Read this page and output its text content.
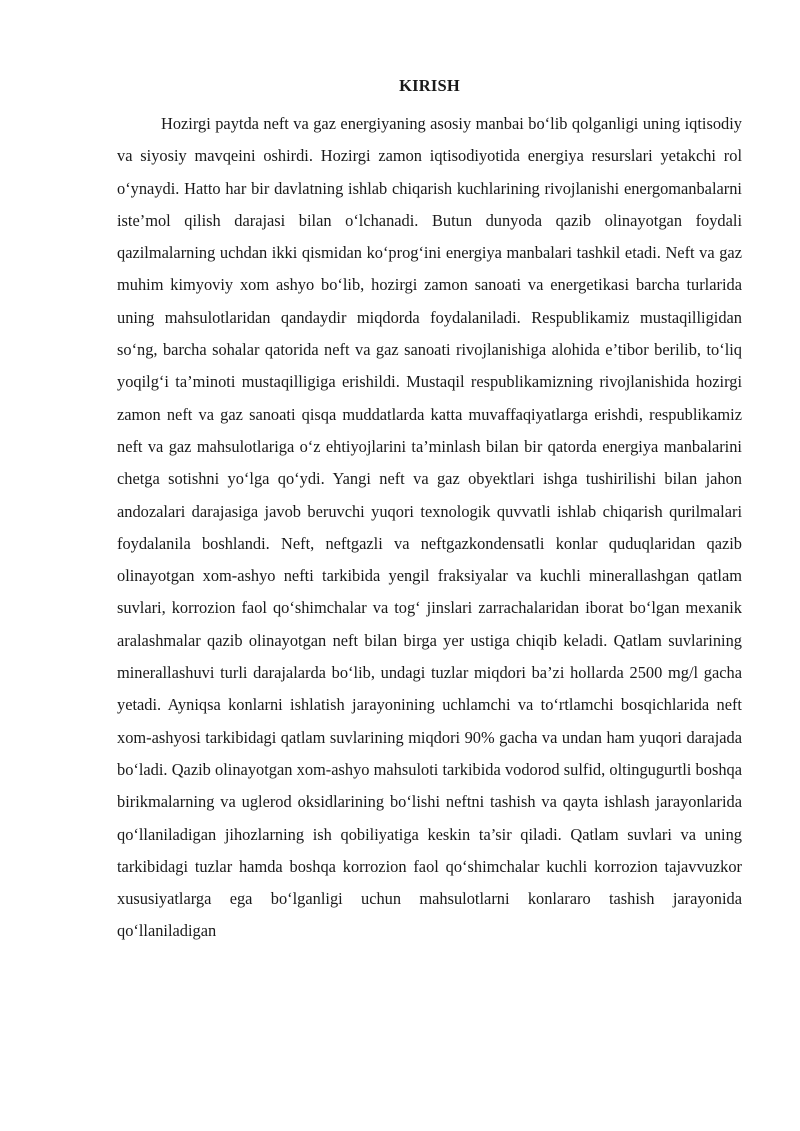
KIRISH

Hozirgi paytda neft va gaz energiyaning asosiy manbai bo‘lib qolganligi uning iqtisodiy va siyosiy mavqeini oshirdi. Hozirgi zamon iqtisodiyotida energiya resurslari yetakchi rol o‘ynaydi. Hatto har bir davlatning ishlab chiqarish kuchlarining rivojlanishi energomanbalarni iste’mol qilish darajasi bilan o‘lchanadi. Butun dunyoda qazib olinayotgan foydali qazilmalarning uchdan ikki qismidan ko‘prog‘ini energiya manbalari tashkil etadi. Neft va gaz muhim kimyoviy xom ashyo bo‘lib, hozirgi zamon sanoati va energetikasi barcha turlarida uning mahsulotlaridan qandaydir miqdorda foydalaniladi. Respublikamiz mustaqilligidan so‘ng, barcha sohalar qatorida neft va gaz sanoati rivojlanishiga alohida e’tibor berilib, to‘liq yoqilg‘i ta’minoti mustaqilligiga erishildi. Mustaqil respublikamizning rivojlanishida hozirgi zamon neft va gaz sanoati qisqa muddatlarda katta muvaffaqiyatlarga erishdi, respublikamiz neft va gaz mahsulotlariga o‘z ehtiyojlarini ta’minlash bilan bir qatorda energiya manbalarini chetga sotishni yo‘lga qo‘ydi. Yangi neft va gaz obyektlari ishga tushirilishi bilan jahon andozalari darajasiga javob beruvchi yuqori texnologik quvvatli ishlab chiqarish qurilmalari foydalanila boshlandi. Neft, neftgazli va neftgazkondensatli konlar quduqlaridan qazib olinayotgan xom-ashyo nefti tarkibida yengil fraksiyalar va kuchli minerallashgan qatlam suvlari, korrozion faol qo‘shimchalar va tog‘ jinslari zarrachalaridan iborat bo‘lgan mexanik aralashmalar qazib olinayotgan neft bilan birga yer ustiga chiqib keladi. Qatlam suvlarining minerallashuvi turli darajalarda bo‘lib, undagi tuzlar miqdori ba’zi hollarda 2500 mg/l gacha yetadi. Ayniqsa konlarni ishlatish jarayonining uchlamchi va to‘rtlamchi bosqichlarida neft xom-ashyosi tarkibidagi qatlam suvlarining miqdori 90% gacha va undan ham yuqori darajada bo‘ladi. Qazib olinayotgan xom-ashyo mahsuloti tarkibida vodorod sulfid, oltingugurtli boshqa birikmalarning va uglerod oksidlarining bo‘lishi neftni tashish va qayta ishlash jarayonlarida qo‘llaniladigan jihozlarning ish qobiliyatiga keskin ta’sir qiladi. Qatlam suvlari va uning tarkibidagi tuzlar hamda boshqa korrozion faol qo‘shimchalar kuchli korrozion tajavvuzkor xususiyatlarga ega bo‘lganligi uchun mahsulotlarni konlararo tashish jarayonida qo‘llaniladigan
